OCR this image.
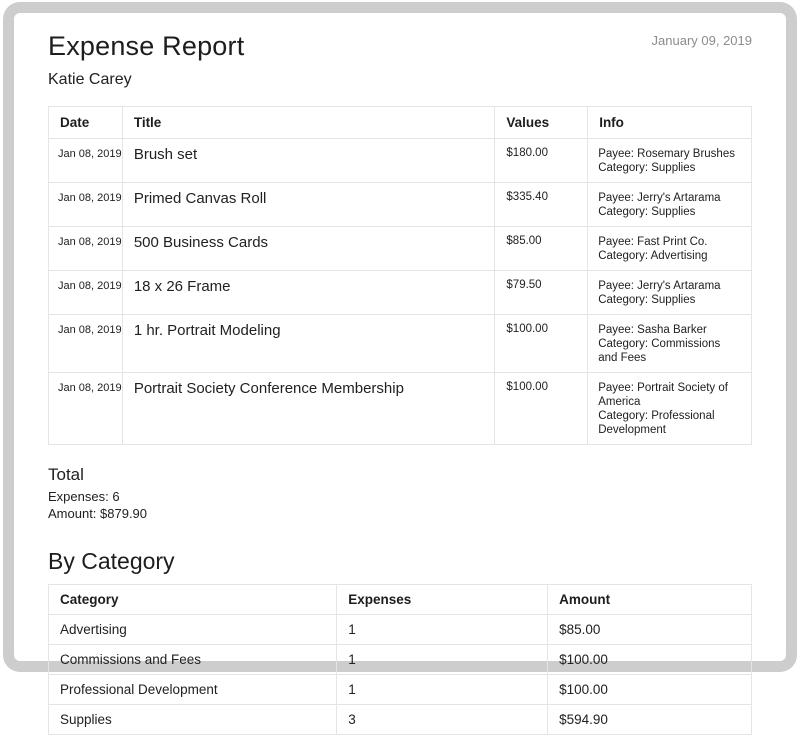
January 09, 2019
Expense Report
Katie Carey
Date	Title	Values	Info
Jan 08, 2019	Brush set	$180.00	Payee: Rosemary Brushes
Category: Supplies

Jan 08, 2019	Primed Canvas Roll	$335.40	Payee: Jerry's Artarama
Category: Supplies

Jan 08, 2019	500 Business Cards	$85.00	Payee: Fast Print Co.
Category: Advertising

Jan 08, 2019	18 x 26 Frame	$79.50	Payee: Jerry's Artarama
Category: Supplies

Jan 08, 2019	1 hr. Portrait Modeling	$100.00	Payee: Sasha Barker
Category: Commissions and Fees

Jan 08, 2019	Portrait Society Conference Membership	$100.00	Payee: Portrait Society of America
Category: Professional Development
Total
Expenses: 6
Amount: $879.90
By Category
Category	Expenses	Amount
Advertising	1	$85.00
Commissions and Fees	1	$100.00
Professional Development	1	$100.00
Supplies	3	$594.90
